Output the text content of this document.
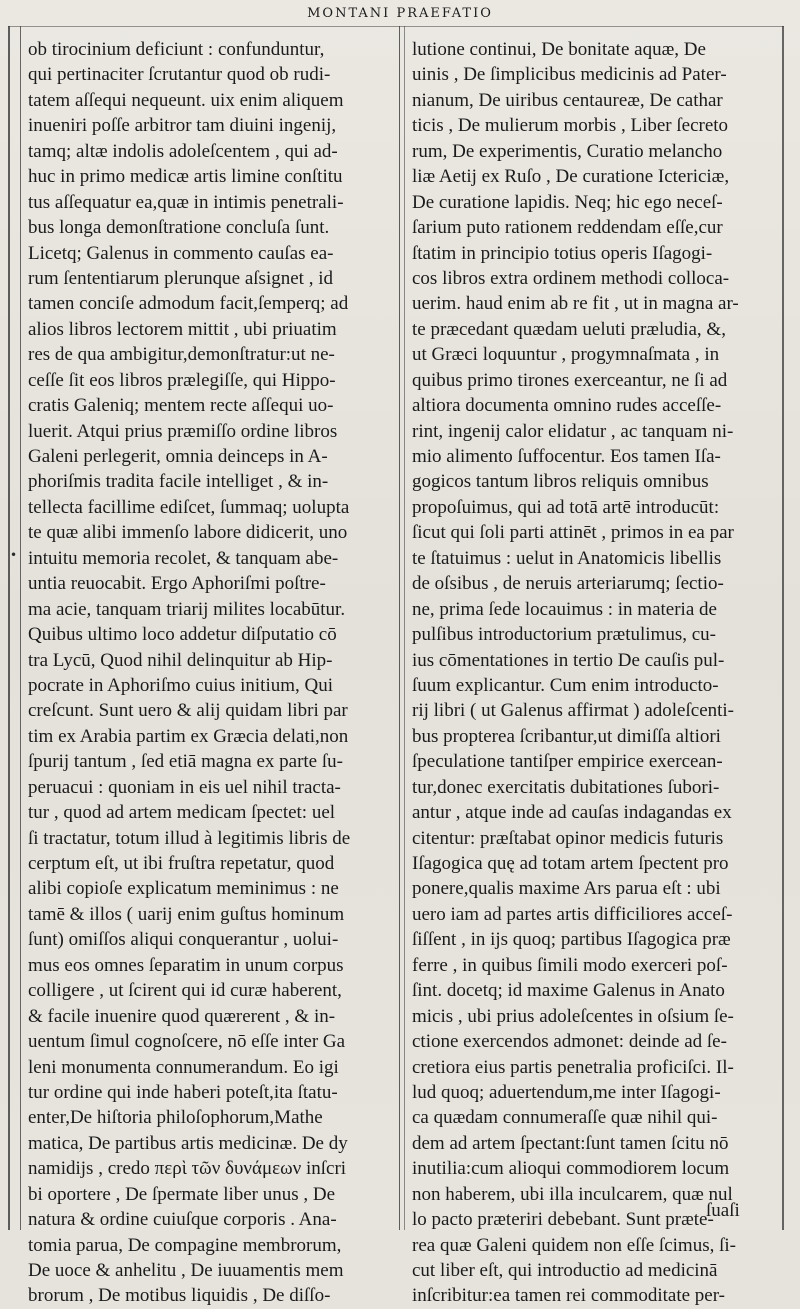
MONTANI PRAEFATIO
•
ob tirocinium deficiunt : confunduntur,
qui pertinaciter ſcrutantur quod ob rudi-
tatem aſſequi nequeunt. uix enim aliquem
inueniri poſſe arbitror tam diuini ingenij,
tamq; altæ indolis adoleſcentem , qui ad-
huc in primo medicæ artis limine conſtitu
tus aſſequatur ea,quæ in intimis penetrali-
bus longa demonſtratione concluſa ſunt.
Licetq; Galenus in commento cauſas ea-
rum ſententiarum plerunque aſsignet , id
tamen conciſe admodum facit,ſemperq; ad
alios libros lectorem mittit , ubi priuatim
res de qua ambigitur,demonſtratur:ut ne-
ceſſe ſit eos libros prælegiſſe, qui Hippo-
cratis Galeniq; mentem recte aſſequi uo-
luerit. Atqui prius præmiſſo ordine libros
Galeni perlegerit, omnia deinceps in A-
phoriſmis tradita facile intelliget , & in-
tellecta facillime ediſcet, ſummaq; uolupta
te quæ alibi immenſo labore didicerit, uno
intuitu memoria recolet, & tanquam abe-
untia reuocabit. Ergo Aphoriſmi poſtre-
ma acie, tanquam triarij milites locabūtur.
Quibus ultimo loco addetur diſputatio cō
tra Lycū, Quod nihil delinquitur ab Hip-
pocrate in Aphoriſmo cuius initium, Qui
creſcunt. Sunt uero & alij quidam libri par
tim ex Arabia partim ex Græcia delati,non
ſpurij tantum , ſed etiā magna ex parte ſu-
peruacui : quoniam in eis uel nihil tracta-
tur , quod ad artem medicam ſpectet: uel
ſi tractatur, totum illud à legitimis libris de
cerptum eſt, ut ibi fruſtra repetatur, quod
alibi copioſe explicatum meminimus : ne
tamē & illos ( uarij enim guſtus hominum
ſunt) omiſſos aliqui conquerantur , uolui-
mus eos omnes ſeparatim in unum corpus
colligere , ut ſcirent qui id curæ haberent,
& facile inuenire quod quærerent , & in-
uentum ſimul cognoſcere, nō eſſe inter Ga
leni monumenta connumerandum. Eo igi
tur ordine qui inde haberi poteſt,ita ſtatu-
enter,De hiſtoria philoſophorum,Mathe
matica, De partibus artis medicinæ. De dy
namidijs , credo περὶ τῶν δυνάμεων inſcri
bi oportere , De ſpermate liber unus , De
natura & ordine cuiuſque corporis . Ana-
tomia parua, De compagine membrorum,
De uoce & anhelitu , De iuuamentis mem
brorum , De motibus liquidis , De diſſo-
lutione continui, De bonitate aquæ, De
uinis , De ſimplicibus medicinis ad Pater-
nianum, De uiribus centaureæ, De cathar
ticis , De mulierum morbis , Liber ſecreto
rum, De experimentis, Curatio melancho
liæ Aetij ex Ruſo , De curatione Ictericiæ,
De curatione lapidis. Neq; hic ego neceſ-
ſarium puto rationem reddendam eſſe,cur
ſtatim in principio totius operis Iſagogi-
cos libros extra ordinem methodi colloca-
uerim. haud enim ab re fit , ut in magna ar-
te præcedant quædam ueluti præludia, &,
ut Græci loquuntur , progymnaſmata , in
quibus primo tirones exerceantur, ne ſi ad
altiora documenta omnino rudes acceſſe-
rint, ingenij calor elidatur , ac tanquam ni-
mio alimento ſuffocentur. Eos tamen Iſa-
gogicos tantum libros reliquis omnibus
propoſuimus, qui ad totā artē introducūt:
ſicut qui ſoli parti attinēt , primos in ea par
te ſtatuimus : uelut in Anatomicis libellis
de oſsibus , de neruis arteriarumq; ſectio-
ne, prima ſede locauimus : in materia de
pulſibus introductorium prætulimus, cu-
ius cōmentationes in tertio De cauſis pul-
ſuum explicantur. Cum enim introducto-
rij libri ( ut Galenus affirmat ) adoleſcenti-
bus propterea ſcribantur,ut dimiſſa altiori
ſpeculatione tantiſper empirice exercean-
tur,donec exercitatis dubitationes ſubori-
antur , atque inde ad cauſas indagandas ex
citentur: præſtabat opinor medicis futuris
Iſagogica quę ad totam artem ſpectent pro
ponere,qualis maxime Ars parua eſt : ubi
uero iam ad partes artis difficiliores acceſ-
ſiſſent , in ijs quoq; partibus Iſagogica præ
ferre , in quibus ſimili modo exerceri poſ-
ſint. docetq; id maxime Galenus in Anato
micis , ubi prius adoleſcentes in oſsium ſe-
ctione exercendos admonet: deinde ad ſe-
cretiora eius partis penetralia proficiſci. Il-
lud quoq; aduertendum,me inter Iſagogi-
ca quædam connumeraſſe quæ nihil qui-
dem ad artem ſpectant:ſunt tamen ſcitu nō
inutilia:cum alioqui commodiorem locum
non haberem, ubi illa inculcarem, quæ nul
lo pacto præteriri debebant. Sunt præte-
rea quæ Galeni quidem non eſſe ſcimus, ſi-
cut liber eſt, qui introductio ad medicinā
inſcribitur:ea tamen rei commoditate per-
ſuaſi
